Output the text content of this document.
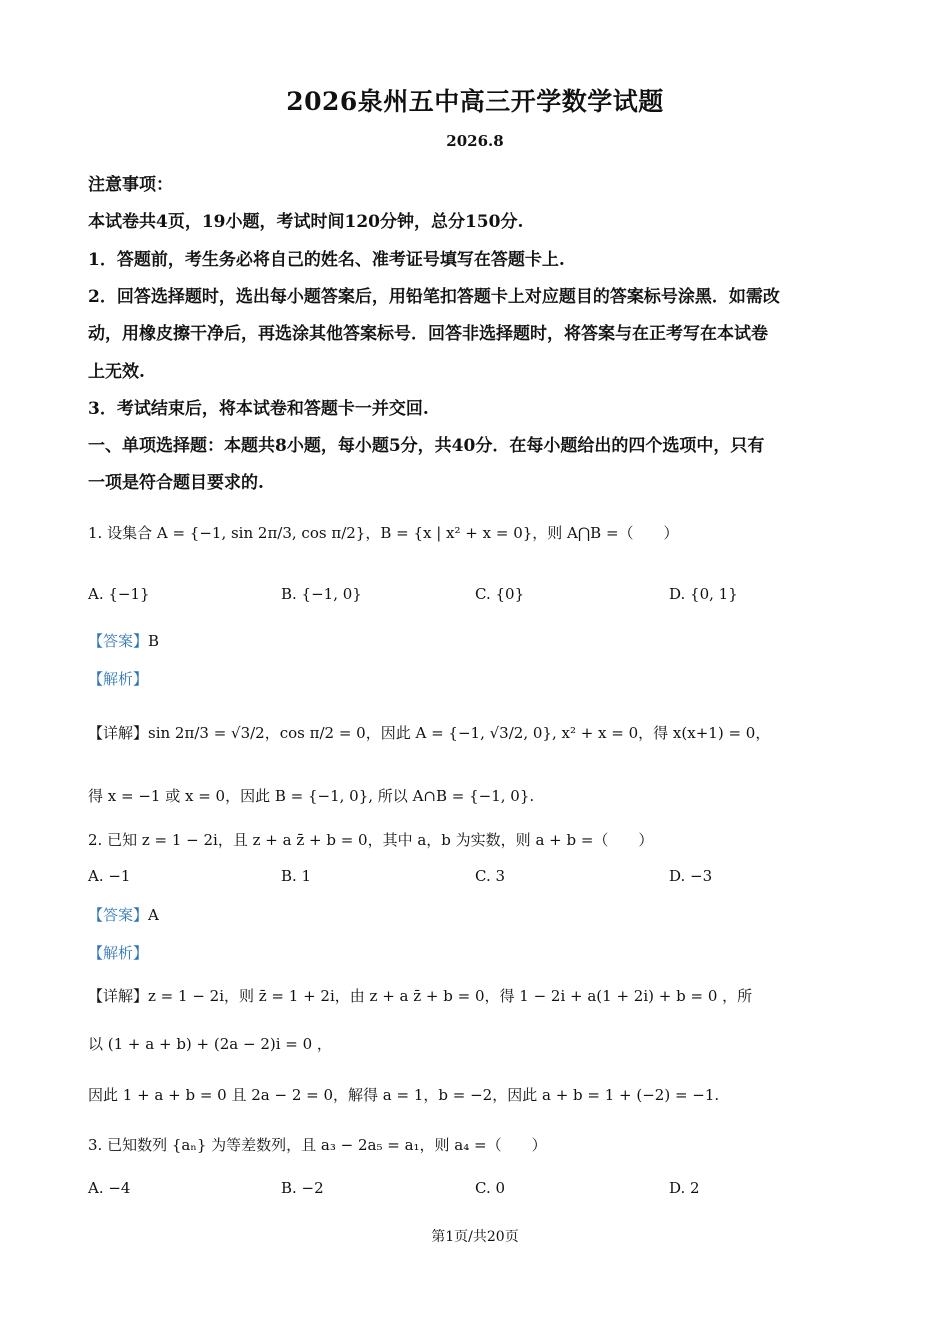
2026泉州五中高三开学数学试题
2026.8
注意事项：
本试卷共4页，19小题，考试时间120分钟，总分150分.
1．答题前，考生务必将自己的姓名、准考证号填写在答题卡上.
2．回答选择题时，选出每小题答案后，用铅笔扣答题卡上对应题目的答案标号涂黑．如需改
动，用橡皮擦干净后，再选涂其他答案标号．回答非选择题时，将答案与在正考写在本试卷
上无效.
3．考试结束后，将本试卷和答题卡一并交回.
一、单项选择题：本题共8小题，每小题5分，共40分．在每小题给出的四个选项中，只有
一项是符合题目要求的.
1. 设集合 A = {−1, sin 2π/3, cos π/2}，B = {x | x² + x = 0}，则 A⋂B =（　　）
A. {−1}	B. {−1, 0}	C. {0}	D. {0, 1}
【答案】B
【解析】
【详解】sin 2π/3 = √3/2，cos π/2 = 0，因此 A = {−1, √3/2, 0}, x² + x = 0，得 x(x+1) = 0，
得 x = −1 或 x = 0，因此 B = {−1, 0}, 所以 A∩B = {−1, 0}.
2. 已知 z = 1 − 2i，且 z + a z̄ + b = 0，其中 a，b 为实数，则 a + b =（　　）
A. −1	B. 1	C. 3	D. −3
【答案】A
【解析】
【详解】z = 1 − 2i，则 z̄ = 1 + 2i，由 z + a z̄ + b = 0，得 1 − 2i + a(1 + 2i) + b = 0 ，所
以 (1 + a + b) + (2a − 2)i = 0 ，
因此 1 + a + b = 0 且 2a − 2 = 0，解得 a = 1，b = −2，因此 a + b = 1 + (−2) = −1.
3. 已知数列 {aₙ} 为等差数列，且 a₃ − 2a₅ = a₁，则 a₄ =（　　）
A. −4	B. −2	C. 0	D. 2
第1页/共20页
